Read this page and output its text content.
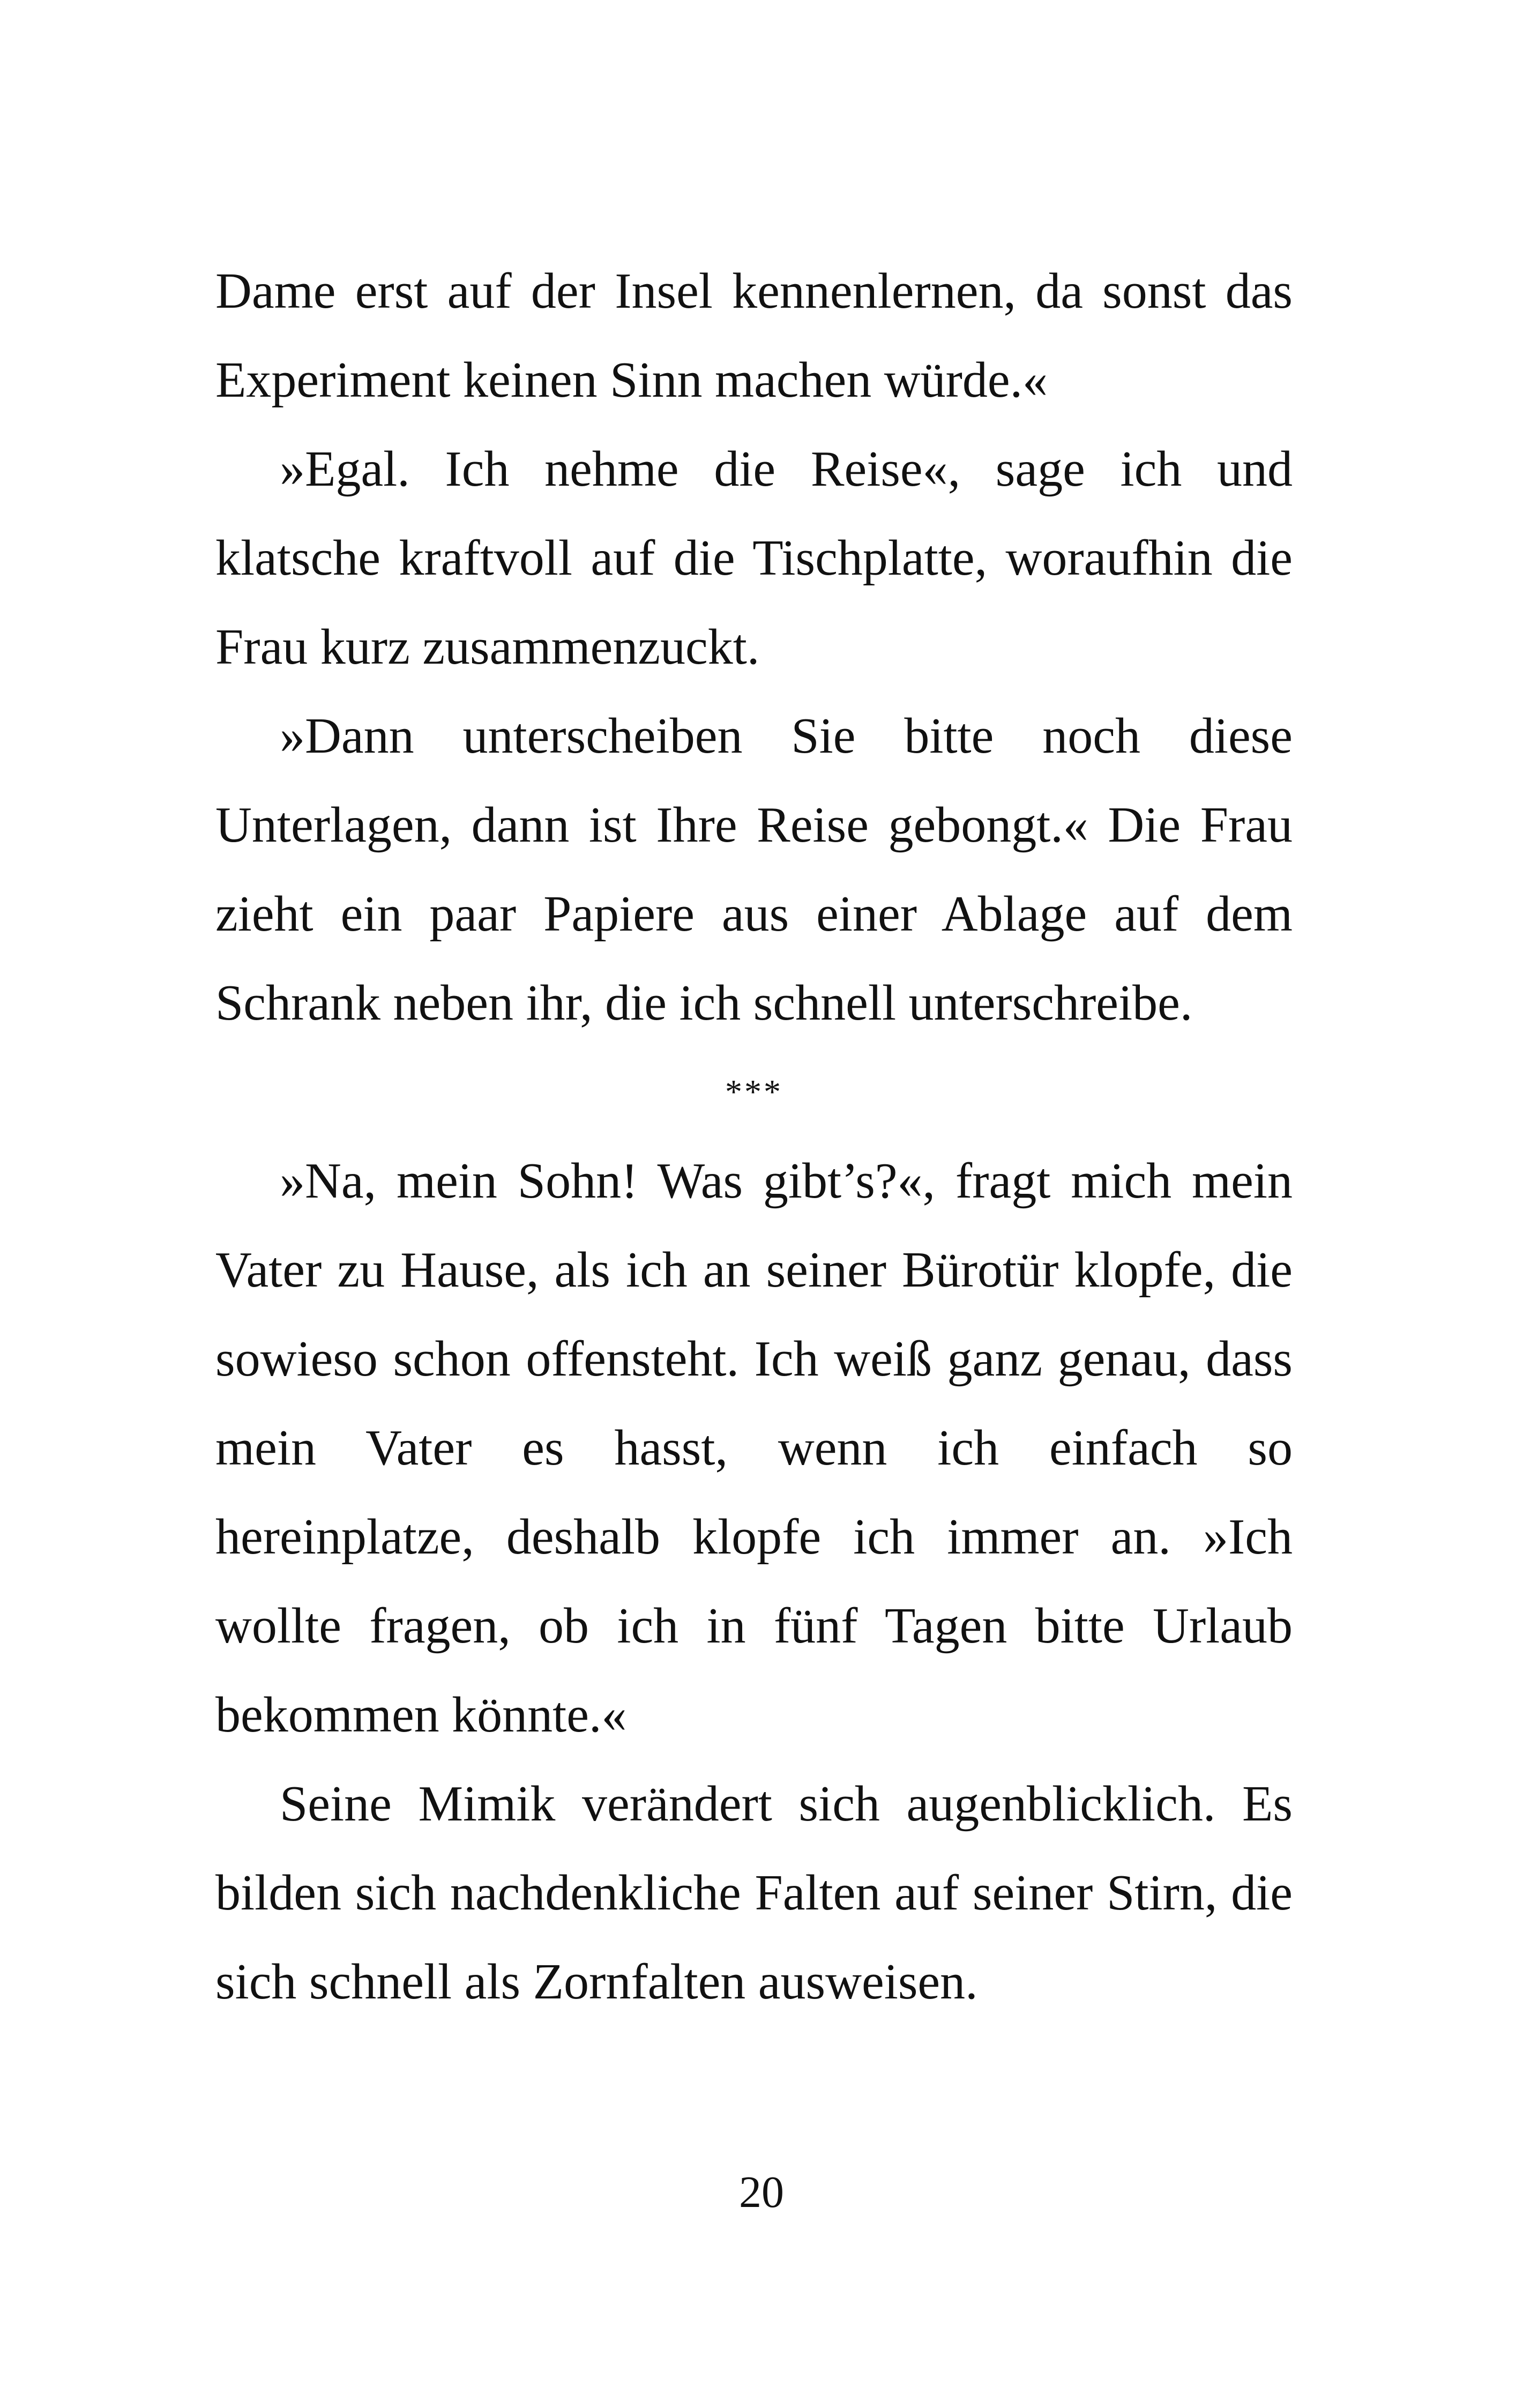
Dame erst auf der Insel kennenlernen, da sonst das Experiment keinen Sinn machen würde.«

»Egal. Ich nehme die Reise«, sage ich und klatsche kraftvoll auf die Tischplatte, woraufhin die Frau kurz zusammenzuckt.

»Dann unterscheiben Sie bitte noch diese Unterlagen, dann ist Ihre Reise gebongt.« Die Frau zieht ein paar Papiere aus einer Ablage auf dem Schrank neben ihr, die ich schnell unterschreibe.

***

»Na, mein Sohn! Was gibt’s?«, fragt mich mein Vater zu Hause, als ich an seiner Bürotür klopfe, die sowieso schon offensteht. Ich weiß ganz genau, dass mein Vater es hasst, wenn ich einfach so hereinplatze, deshalb klopfe ich immer an. »Ich wollte fragen, ob ich in fünf Tagen bitte Urlaub bekommen könnte.«

Seine Mimik verändert sich augenblicklich. Es bilden sich nachdenkliche Falten auf seiner Stirn, die sich schnell als Zornfalten ausweisen.

20
